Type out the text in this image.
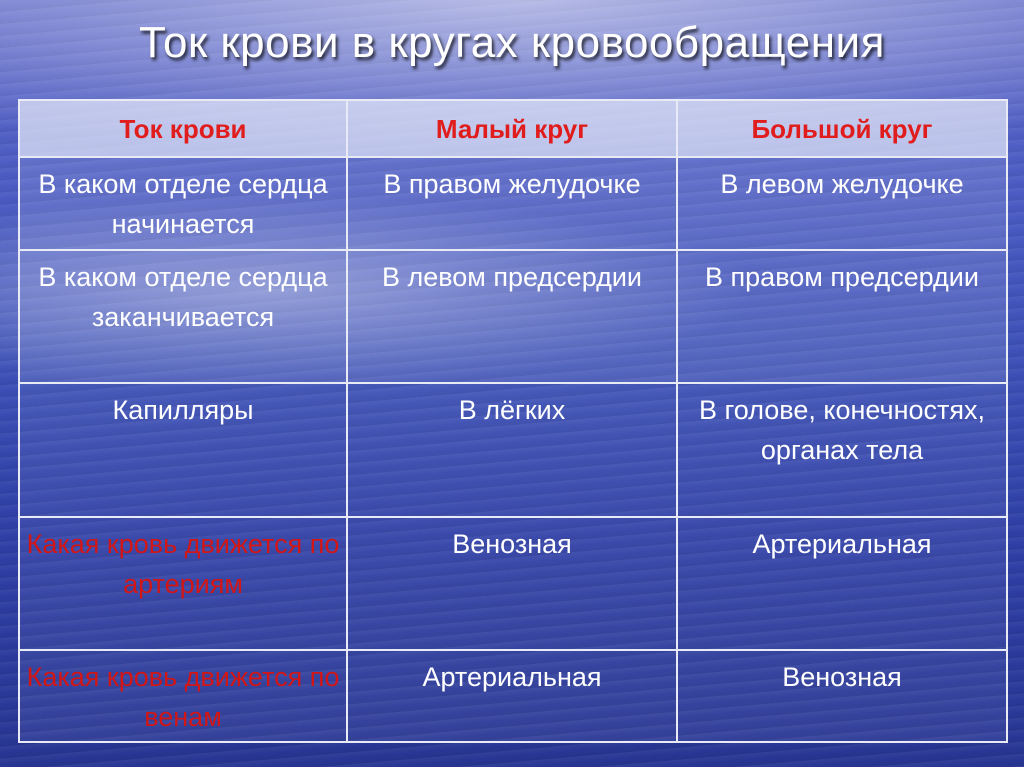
Ток крови в кругах кровообращения
Ток крови	Малый круг	Большой круг
В каком отделе сердца начинается	В правом желудочке	В левом желудочке
В каком отделе сердца заканчивается	В левом предсердии	В правом предсердии
Капилляры	В лёгких	В голове, конечностях, органах тела
Какая кровь движется по артериям	Венозная	Артериальная
Какая кровь движется по венам	Артериальная	Венозная
